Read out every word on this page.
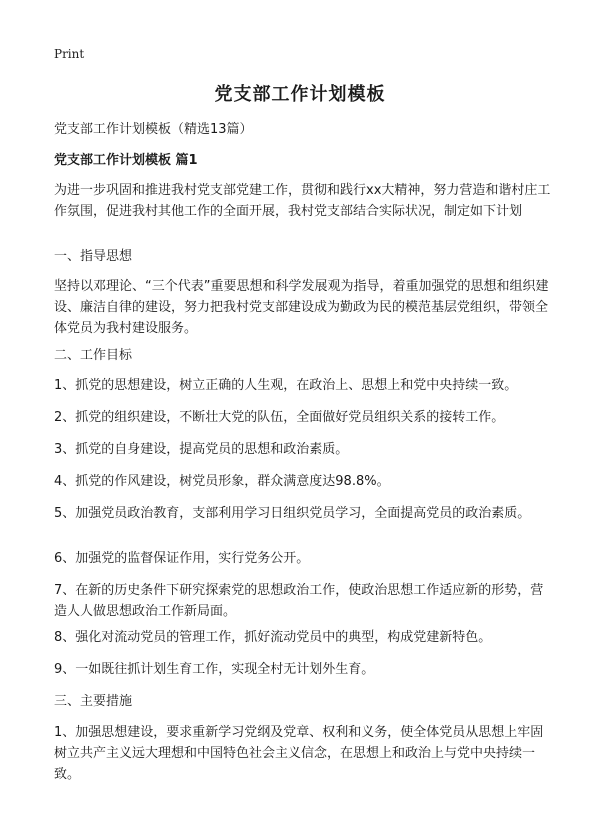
Print
党支部工作计划模板

党支部工作计划模板（精选13篇）

党支部工作计划模板 篇1

为进一步巩固和推进我村党支部党建工作，贯彻和践行xx大精神，努力营造和谐村庄工作氛围，促进我村其他工作的全面开展，我村党支部结合实际状况，制定如下计划

一、指导思想

坚持以邓理论、“三个代表”重要思想和科学发展观为指导，着重加强党的思想和组织建设、廉洁自律的建设，努力把我村党支部建设成为勤政为民的模范基层党组织，带领全体党员为我村建设服务。

二、工作目标

1、抓党的思想建设，树立正确的人生观，在政治上、思想上和党中央持续一致。

2、抓党的组织建设，不断壮大党的队伍，全面做好党员组织关系的接转工作。

3、抓党的自身建设，提高党员的思想和政治素质。

4、抓党的作风建设，树党员形象，群众满意度达98.8%。

5、加强党员政治教育，支部利用学习日组织党员学习，全面提高党员的政治素质。

6、加强党的监督保证作用，实行党务公开。

7、在新的历史条件下研究探索党的思想政治工作，使政治思想工作适应新的形势，营造人人做思想政治工作新局面。

8、强化对流动党员的管理工作，抓好流动党员中的典型，构成党建新特色。

9、一如既往抓计划生育工作，实现全村无计划外生育。

三、主要措施

1、加强思想建设，要求重新学习党纲及党章、权利和义务，使全体党员从思想上牢固树立共产主义远大理想和中国特色社会主义信念，在思想上和政治上与党中央持续一致。
